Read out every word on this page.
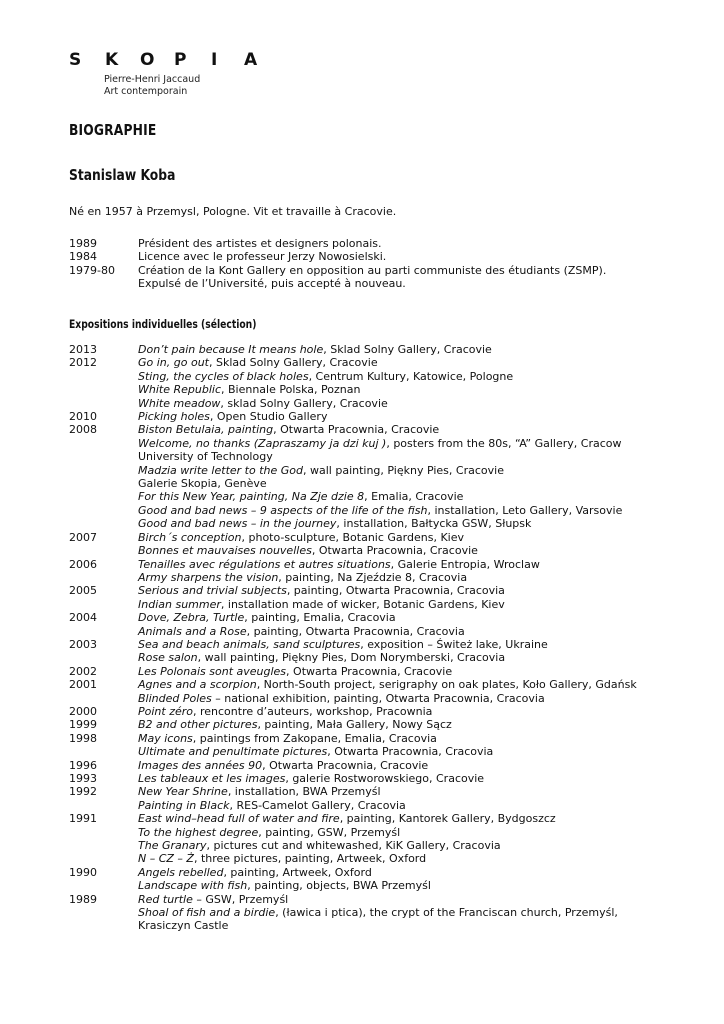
S K O P I A
Pierre-Henri Jaccaud
Art contemporain
BIOGRAPHIE
Stanislaw Koba
Né en 1957 à Przemysl, Pologne. Vit et travaille à Cracovie.
1989	Président des artistes et designers polonais.
1984	Licence avec le professeur Jerzy Nowosielski.
1979-80	Création de la Kont Gallery en opposition au parti communiste des étudiants (ZSMP).
Expulsé de l’Université, puis accepté à nouveau.
Expositions individuelles (sélection)
2013	Don’t pain because It means hole, Sklad Solny Gallery, Cracovie
2012	Go in, go out, Sklad Solny Gallery, Cracovie
Sting, the cycles of black holes, Centrum Kultury, Katowice, Pologne
White Republic, Biennale Polska, Poznan
White meadow, sklad Solny Gallery, Cracovie
2010	Picking holes, Open Studio Gallery
2008	Biston Betulaia, painting, Otwarta Pracownia, Cracovie
Welcome, no thanks (Zapraszamy ja dzi kuj ), posters from the 80s, “A” Gallery, Cracow
University of Technology
Madzia write letter to the God, wall painting, Piękny Pies, Cracovie
Galerie Skopia, Genève
For this New Year, painting, Na Zje dzie 8, Emalia, Cracovie
Good and bad news – 9 aspects of the life of the fish, installation, Leto Gallery, Varsovie
Good and bad news – in the journey, installation, Bałtycka GSW, Słupsk
2007	Birch´s conception, photo-sculpture, Botanic Gardens, Kiev
Bonnes et mauvaises nouvelles, Otwarta Pracownia, Cracovie
2006	Tenailles avec régulations et autres situations, Galerie Entropia, Wroclaw
Army sharpens the vision, painting, Na Zjeździe 8, Cracovia
2005	Serious and trivial subjects, painting, Otwarta Pracownia, Cracovia
Indian summer, installation made of wicker, Botanic Gardens, Kiev
2004	Dove, Zebra, Turtle, painting, Emalia, Cracovia
Animals and a Rose, painting, Otwarta Pracownia, Cracovia
2003	Sea and beach animals, sand sculptures, exposition – Świteż lake, Ukraine
Rose salon, wall painting, Piękny Pies, Dom Norymberski, Cracovia
2002	Les Polonais sont aveugles, Otwarta Pracownia, Cracovie
2001	Agnes and a scorpion, North-South project, serigraphy on oak plates, Koło Gallery, Gdańsk
Blinded Poles – national exhibition, painting, Otwarta Pracownia, Cracovia
2000	Point zéro, rencontre d’auteurs, workshop, Pracownia
1999	B2 and other pictures, painting, Mała Gallery, Nowy Sącz
1998	May icons, paintings from Zakopane, Emalia, Cracovia
Ultimate and penultimate pictures, Otwarta Pracownia, Cracovia
1996	Images des années 90, Otwarta Pracownia, Cracovie
1993	Les tableaux et les images, galerie Rostworowskiego, Cracovie
1992	New Year Shrine, installation, BWA Przemyśl
Painting in Black, RES-Camelot Gallery, Cracovia
1991	East wind–head full of water and fire, painting, Kantorek Gallery, Bydgoszcz
To the highest degree, painting, GSW, Przemyśl
The Granary, pictures cut and whitewashed, KiK Gallery, Cracovia
N – CZ – Ż, three pictures, painting, Artweek, Oxford
1990	Angels rebelled, painting, Artweek, Oxford
Landscape with fish, painting, objects, BWA Przemyśl
1989	Red turtle – GSW, Przemyśl
Shoal of fish and a birdie, (ławica i ptica), the crypt of the Franciscan church, Przemyśl,
Krasiczyn Castle
